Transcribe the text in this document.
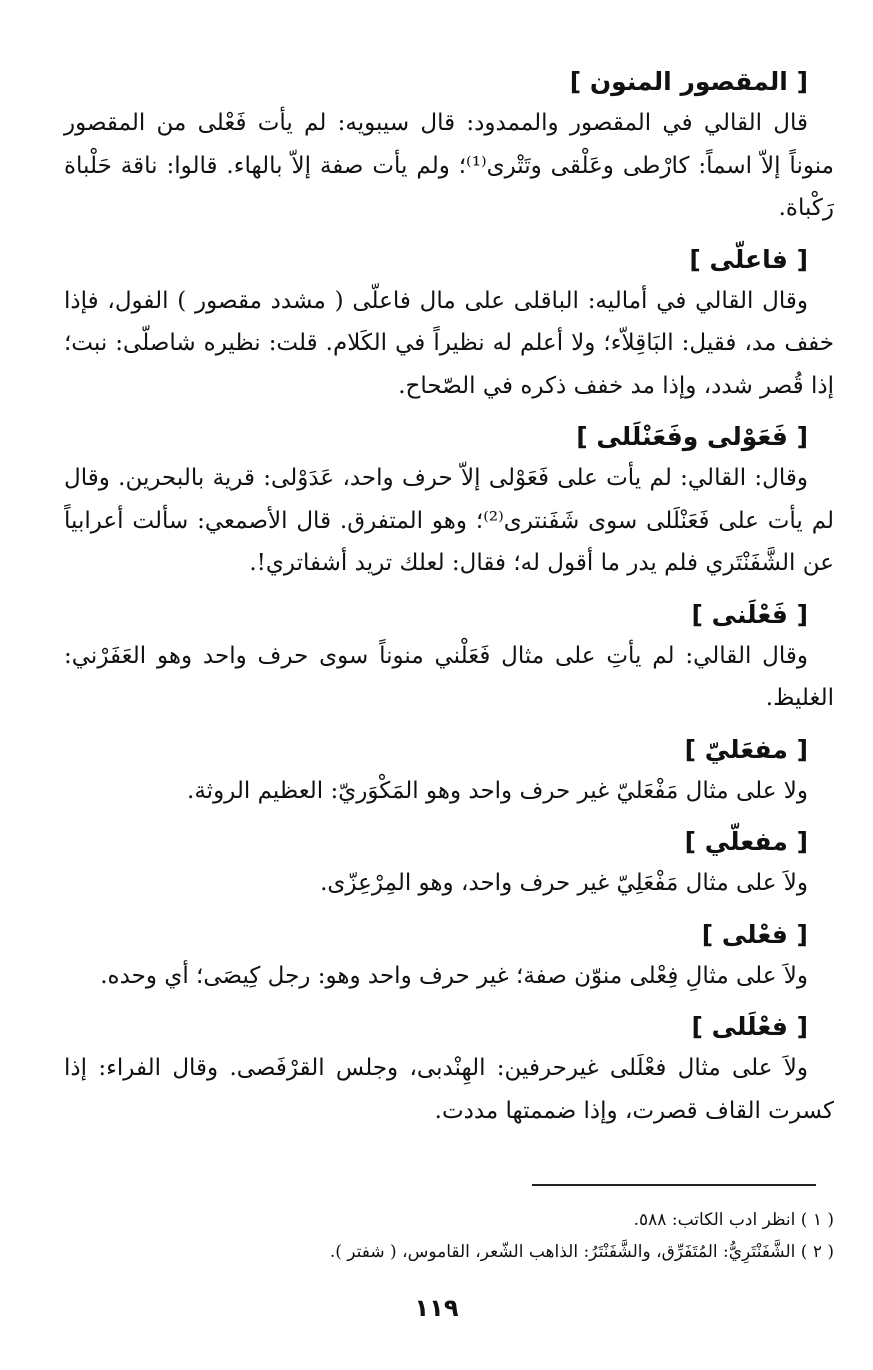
[ المقصور المنون ]

قال القالي في المقصور والممدود: قال سيبويه: لم يأت فَعْلى من المقصور منوناً إلاّ اسماً: كارْطى وعَلْقى وتَتْرى⁽¹⁾؛ ولم يأت صفة إلاّ بالهاء. قالوا: ناقة حَلْباة رَكْباة.

[ فاعلّى ]

وقال القالي في أماليه: الباقلى على مال فاعلّى ( مشدد مقصور ) الفول، فإذا خفف مد، فقيل: البَاقِلاّء؛ ولا أعلم له نظيراً في الكَلام. قلت: نظيره شاصلّى: نبت؛ إذا قُصر شدد، وإذا مد خفف ذكره في الصّحاح.

[ فَعَوْلى وفَعَنْلَلى ]

وقال: القالي: لم يأت على فَعَوْلى إلاّ حرف واحد، عَدَوْلى: قرية بالبحرين. وقال لم يأت على فَعَنْلَلى سوى شَفَنترى⁽²⁾؛ وهو المتفرق. قال الأصمعي: سألت أعرابياً عن الشَّفَنْتَري فلم يدر ما أقول له؛ فقال: لعلك تريد أشفاتري!.

[ فَعْلَنى ]

وقال القالي: لم يأتِ على مثال فَعَلْني منوناً سوى حرف واحد وهو العَفَرْني: الغليظ.

[ مفعَليّ ]

ولا على مثال مَفْعَليّ غير حرف واحد وهو المَكْوَريّ: العظيم الروثة.

[ مفعلّي ]

ولاَ على مثال مَفْعَلِيّ غير حرف واحد، وهو المِرْعِزّى.

[ فعْلى ]

ولاَ على مثالِ فِعْلى منوّن صفة؛ غير حرف واحد وهو: رجل كِيصَى؛ أي وحده.

[ فعْلَلى ]

ولاَ على مثال فعْلَلى غيرحرفين: الهِنْدبى، وجلس القرْفَصى. وقال الفراء: إذا كسرت القاف قصرت، وإذا ضممتها مددت.

( ١ ) انظر ادب الكاتب: ٥٨٨.

( ٢ ) الشَّفَنْتَرِيُّ: المُتَفَرِّق، والشَّفَنْتَرُ: الذاهب الشّعر، القاموس، ( شفتر ).

١١٩
